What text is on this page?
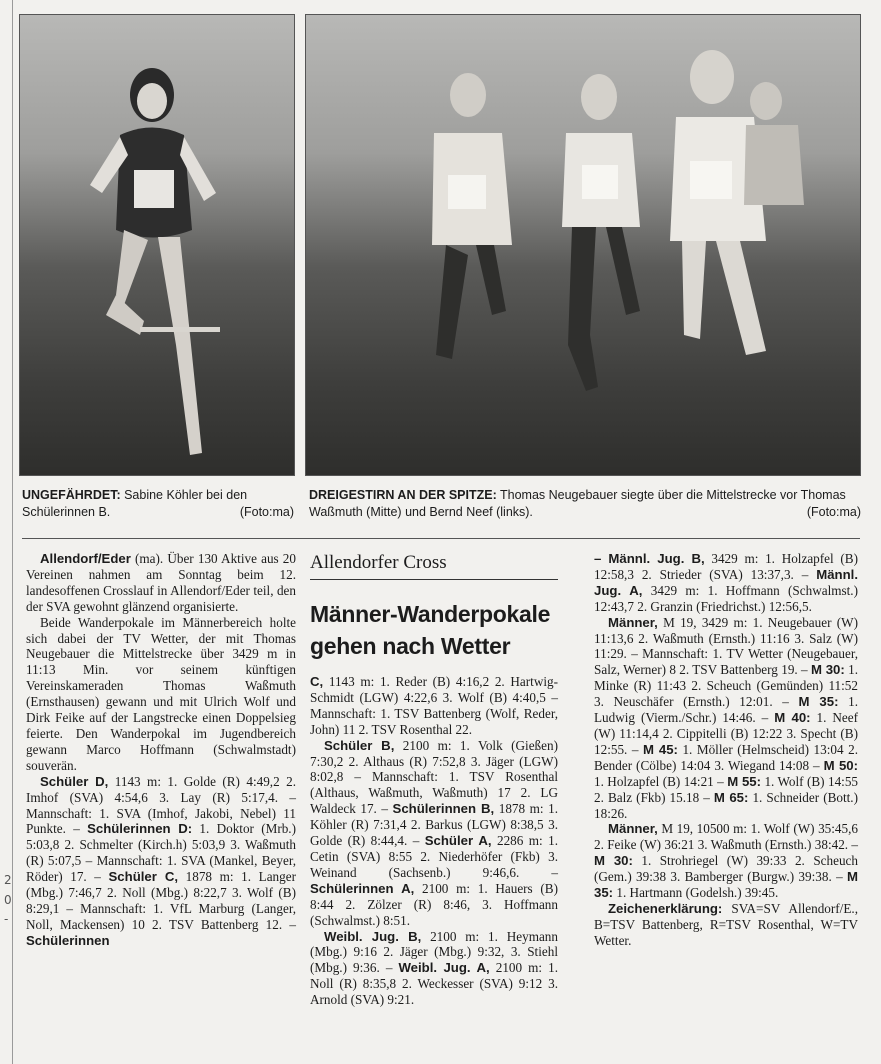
2
0
-
UNGEFÄHRDET: Sabine Köhler bei den Schülerinnen B.	(Foto:ma)
DREIGESTIRN AN DER SPITZE: Thomas Neugebauer siegte über die Mittelstrecke vor Thomas Waßmuth (Mitte) und Bernd Neef (links).	(Foto:ma)

Allendorf/Eder (ma). Über 130 Aktive aus 20 Vereinen nahmen am Sonntag beim 12. landesoffenen Crosslauf in Allendorf/Eder teil, den der SVA gewohnt glänzend organisierte.

Beide Wanderpokale im Männerbereich holte sich dabei der TV Wetter, der mit Thomas Neugebauer die Mittelstrecke über 3429 m in 11:13 Min. vor seinem künftigen Vereinskameraden Thomas Waßmuth (Ernsthausen) gewann und mit Ulrich Wolf und Dirk Feike auf der Langstrecke einen Doppelsieg feierte. Den Wanderpokal im Jugendbereich gewann Marco Hoffmann (Schwalmstadt) souverän.

Schüler D, 1143 m: 1. Golde (R) 4:49,2 2. Imhof (SVA) 4:54,6 3. Lay (R) 5:17,4. – Mannschaft: 1. SVA (Imhof, Jakobi, Nebel) 11 Punkte. – Schülerinnen D: 1. Doktor (Mrb.) 5:03,8 2. Schmelter (Kirch.h) 5:03,9 3. Waßmuth (R) 5:07,5 – Mannschaft: 1. SVA (Mankel, Beyer, Röder) 17. – Schüler C, 1878 m: 1. Langer (Mbg.) 7:46,7 2. Noll (Mbg.) 8:22,7 3. Wolf (B) 8:29,1 – Mannschaft: 1. VfL Marburg (Langer, Noll, Mackensen) 10 2. TSV Battenberg 12. – Schülerinnen

Allendorfer Cross
Männer-Wanderpokale gehen nach Wetter

C, 1143 m: 1. Reder (B) 4:16,2 2. Hartwig-Schmidt (LGW) 4:22,6 3. Wolf (B) 4:40,5 – Mannschaft: 1. TSV Battenberg (Wolf, Reder, John) 11 2. TSV Rosenthal 22.

Schüler B, 2100 m: 1. Volk (Gießen) 7:30,2 2. Althaus (R) 7:52,8 3. Jäger (LGW) 8:02,8 – Mannschaft: 1. TSV Rosenthal (Althaus, Waßmuth, Waßmuth) 17 2. LG Waldeck 17. – Schülerinnen B, 1878 m: 1. Köhler (R) 7:31,4 2. Barkus (LGW) 8:38,5 3. Golde (R) 8:44,4. – Schüler A, 2286 m: 1. Cetin (SVA) 8:55 2. Niederhöfer (Fkb) 3. Weinand (Sachsenb.) 9:46,6. – Schülerinnen A, 2100 m: 1. Hauers (B) 8:44 2. Zölzer (R) 8:46, 3. Hoffmann (Schwalmst.) 8:51.

Weibl. Jug. B, 2100 m: 1. Heymann (Mbg.) 9:16 2. Jäger (Mbg.) 9:32, 3. Stiehl (Mbg.) 9:36. – Weibl. Jug. A, 2100 m: 1. Noll (R) 8:35,8 2. Weckesser (SVA) 9:12 3. Arnold (SVA) 9:21.

– Männl. Jug. B, 3429 m: 1. Holzapfel (B) 12:58,3 2. Strieder (SVA) 13:37,3. – Männl. Jug. A, 3429 m: 1. Hoffmann (Schwalmst.) 12:43,7 2. Granzin (Friedrichst.) 12:56,5.

Männer, M 19, 3429 m: 1. Neugebauer (W) 11:13,6 2. Waßmuth (Ernsth.) 11:16 3. Salz (W) 11:29. – Mannschaft: 1. TV Wetter (Neugebauer, Salz, Werner) 8 2. TSV Battenberg 19. – M 30: 1. Minke (R) 11:43 2. Scheuch (Gemünden) 11:52 3. Neuschäfer (Ernsth.) 12:01. – M 35: 1. Ludwig (Vierm./Schr.) 14:46. – M 40: 1. Neef (W) 11:14,4 2. Cippitelli (B) 12:22 3. Specht (B) 12:55. – M 45: 1. Möller (Helmscheid) 13:04 2. Bender (Cölbe) 14:04 3. Wiegand 14:08 – M 50: 1. Holzapfel (B) 14:21 – M 55: 1. Wolf (B) 14:55 2. Balz (Fkb) 15.18 – M 65: 1. Schneider (Bott.) 18:26.

Männer, M 19, 10500 m: 1. Wolf (W) 35:45,6 2. Feike (W) 36:21 3. Waßmuth (Ernsth.) 38:42. – M 30: 1. Strohriegel (W) 39:33 2. Scheuch (Gem.) 39:38 3. Bamberger (Burgw.) 39:38. – M 35: 1. Hartmann (Godelsh.) 39:45.

Zeichenerklärung: SVA=SV Allendorf/E., B=TSV Battenberg, R=TSV Rosenthal, W=TV Wetter.
